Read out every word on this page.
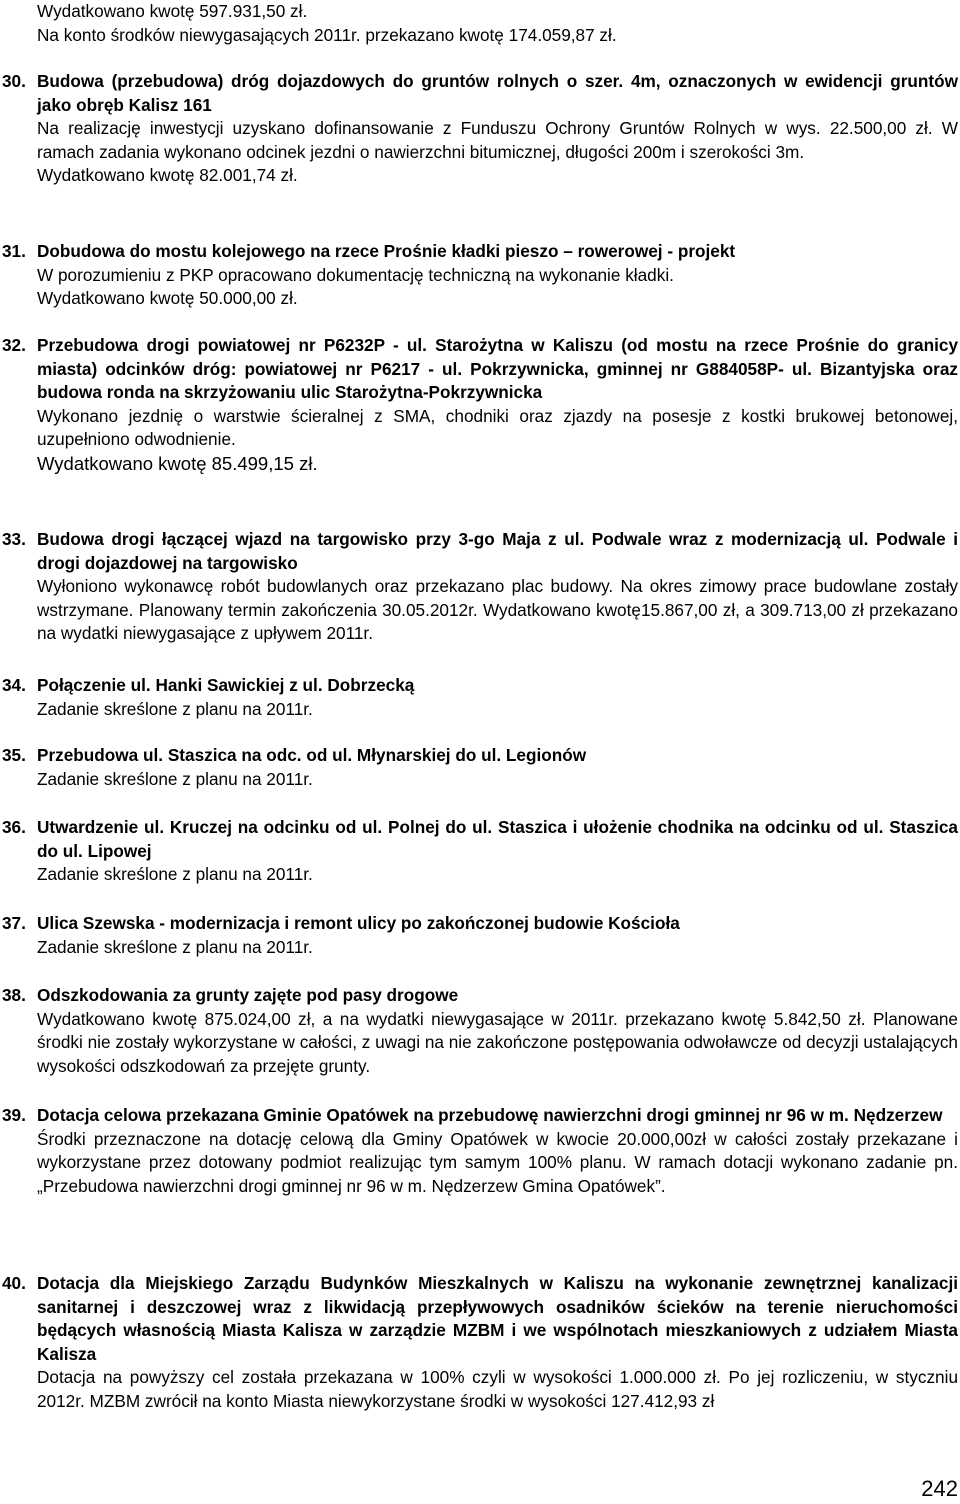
Wydatkowano kwotę 597.931,50 zł.
Na konto środków niewygasających 2011r. przekazano kwotę 174.059,87 zł.
30. Budowa (przebudowa) dróg dojazdowych do gruntów rolnych o szer. 4m, oznaczonych w ewidencji gruntów jako obręb Kalisz 161
Na realizację inwestycji uzyskano dofinansowanie z Funduszu Ochrony Gruntów Rolnych w wys. 22.500,00 zł. W ramach zadania wykonano odcinek jezdni o nawierzchni bitumicznej, długości 200m i szerokości 3m.
Wydatkowano kwotę 82.001,74 zł.
31. Dobudowa do mostu kolejowego na rzece Prośnie kładki pieszo – rowerowej - projekt
W porozumieniu z PKP opracowano dokumentację techniczną na wykonanie kładki.
Wydatkowano kwotę 50.000,00 zł.
32. Przebudowa drogi powiatowej nr P6232P - ul. Starożytna w Kaliszu (od mostu na rzece Prośnie do granicy miasta) odcinków dróg: powiatowej nr P6217 - ul. Pokrzywnicka, gminnej nr G884058P- ul. Bizantyjska oraz budowa ronda na skrzyżowaniu ulic Starożytna-Pokrzywnicka
Wykonano jezdnię o warstwie ścieralnej z SMA, chodniki oraz zjazdy na posesje z kostki brukowej betonowej, uzupełniono odwodnienie.
Wydatkowano kwotę 85.499,15 zł.
33. Budowa drogi łączącej wjazd na targowisko przy 3-go Maja z ul. Podwale wraz z modernizacją ul. Podwale i drogi dojazdowej na targowisko
Wyłoniono wykonawcę robót budowlanych oraz przekazano plac budowy. Na okres zimowy prace budowlane zostały wstrzymane. Planowany termin zakończenia 30.05.2012r. Wydatkowano kwotę15.867,00 zł, a 309.713,00 zł przekazano na wydatki niewygasające z upływem 2011r.
34. Połączenie ul. Hanki Sawickiej z ul. Dobrzecką
Zadanie skreślone z planu na 2011r.
35. Przebudowa ul. Staszica na odc. od ul. Młynarskiej do ul. Legionów
Zadanie skreślone z planu na 2011r.
36. Utwardzenie ul. Kruczej na odcinku od ul. Polnej do ul. Staszica i ułożenie chodnika na odcinku od ul. Staszica do ul. Lipowej
Zadanie skreślone z planu na 2011r.
37. Ulica Szewska - modernizacja i remont ulicy po zakończonej budowie Kościoła
Zadanie skreślone z planu na 2011r.
38. Odszkodowania za grunty zajęte pod pasy drogowe
Wydatkowano kwotę 875.024,00 zł, a na wydatki niewygasające w 2011r. przekazano kwotę 5.842,50 zł. Planowane środki nie zostały wykorzystane w całości, z uwagi na nie zakończone postępowania odwoławcze od decyzji ustalających wysokości odszkodowań za przejęte grunty.
39. Dotacja celowa przekazana Gminie Opatówek na przebudowę nawierzchni drogi gminnej nr 96 w m. Nędzerzew
Środki przeznaczone na dotację celową dla Gminy Opatówek w kwocie 20.000,00zł w całości zostały przekazane i wykorzystane przez dotowany podmiot realizując tym samym 100% planu. W ramach dotacji wykonano zadanie pn. „Przebudowa nawierzchni drogi gminnej nr 96 w m. Nędzerzew Gmina Opatówek”.
40. Dotacja dla Miejskiego Zarządu Budynków Mieszkalnych w Kaliszu na wykonanie zewnętrznej kanalizacji sanitarnej i deszczowej wraz z likwidacją przepływowych osadników ścieków na terenie nieruchomości będących własnością Miasta Kalisza w zarządzie MZBM i we wspólnotach mieszkaniowych z udziałem Miasta Kalisza
Dotacja na powyższy cel została przekazana w 100% czyli w wysokości 1.000.000 zł. Po jej rozliczeniu, w styczniu 2012r. MZBM zwrócił na konto Miasta niewykorzystane środki w wysokości 127.412,93 zł
242
